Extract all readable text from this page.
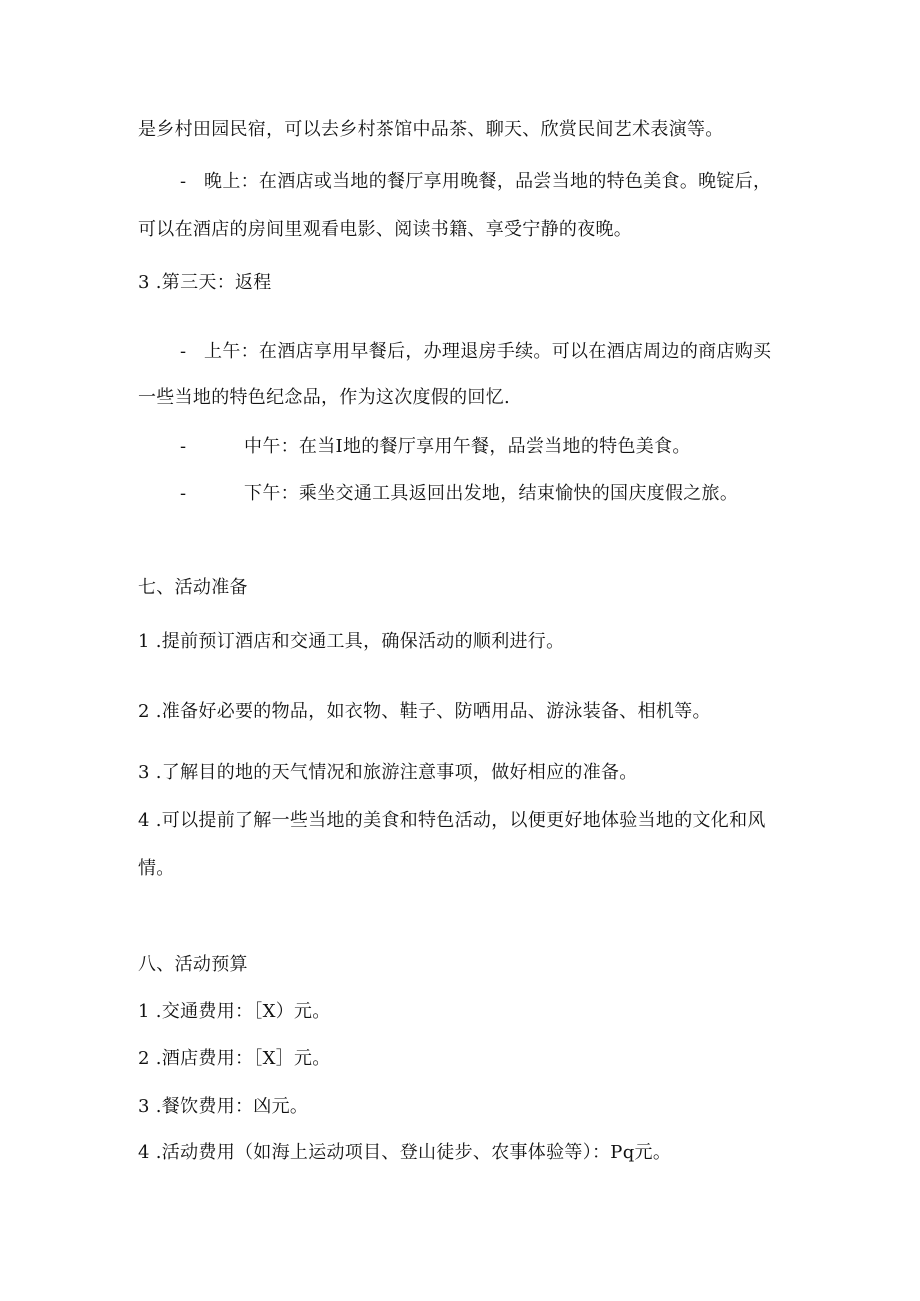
是乡村田园民宿，可以去乡村茶馆中品茶、聊天、欣赏民间艺术表演等。
- 晚上：在酒店或当地的餐厅享用晚餐，品尝当地的特色美食。晚锭后，
可以在酒店的房间里观看电影、阅读书籍、享受宁静的夜晚。
3 .第三天：返程
- 上午：在酒店享用早餐后，办理退房手续。可以在酒店周边的商店购买
一些当地的特色纪念品，作为这次度假的回忆.
-	中午：在当I地的餐厅享用午餐，品尝当地的特色美食。
-	下午：乘坐交通工具返回出发地，结束愉快的国庆度假之旅。
七、活动准备
1 .提前预订酒店和交通工具，确保活动的顺利进行。
2 .准备好必要的物品，如衣物、鞋子、防哂用品、游泳装备、相机等。
3 .了解目的地的天气情况和旅游注意事项，做好相应的准备。
4 .可以提前了解一些当地的美食和特色活动，以便更好地体验当地的文化和风
情。
八、活动预算
1 .交通费用：［X）元。
2 .酒店费用：［X］元。
3 .餐饮费用：凶元。
4 .活动费用（如海上运动项目、登山徒步、农事体验等）：Pq元。
